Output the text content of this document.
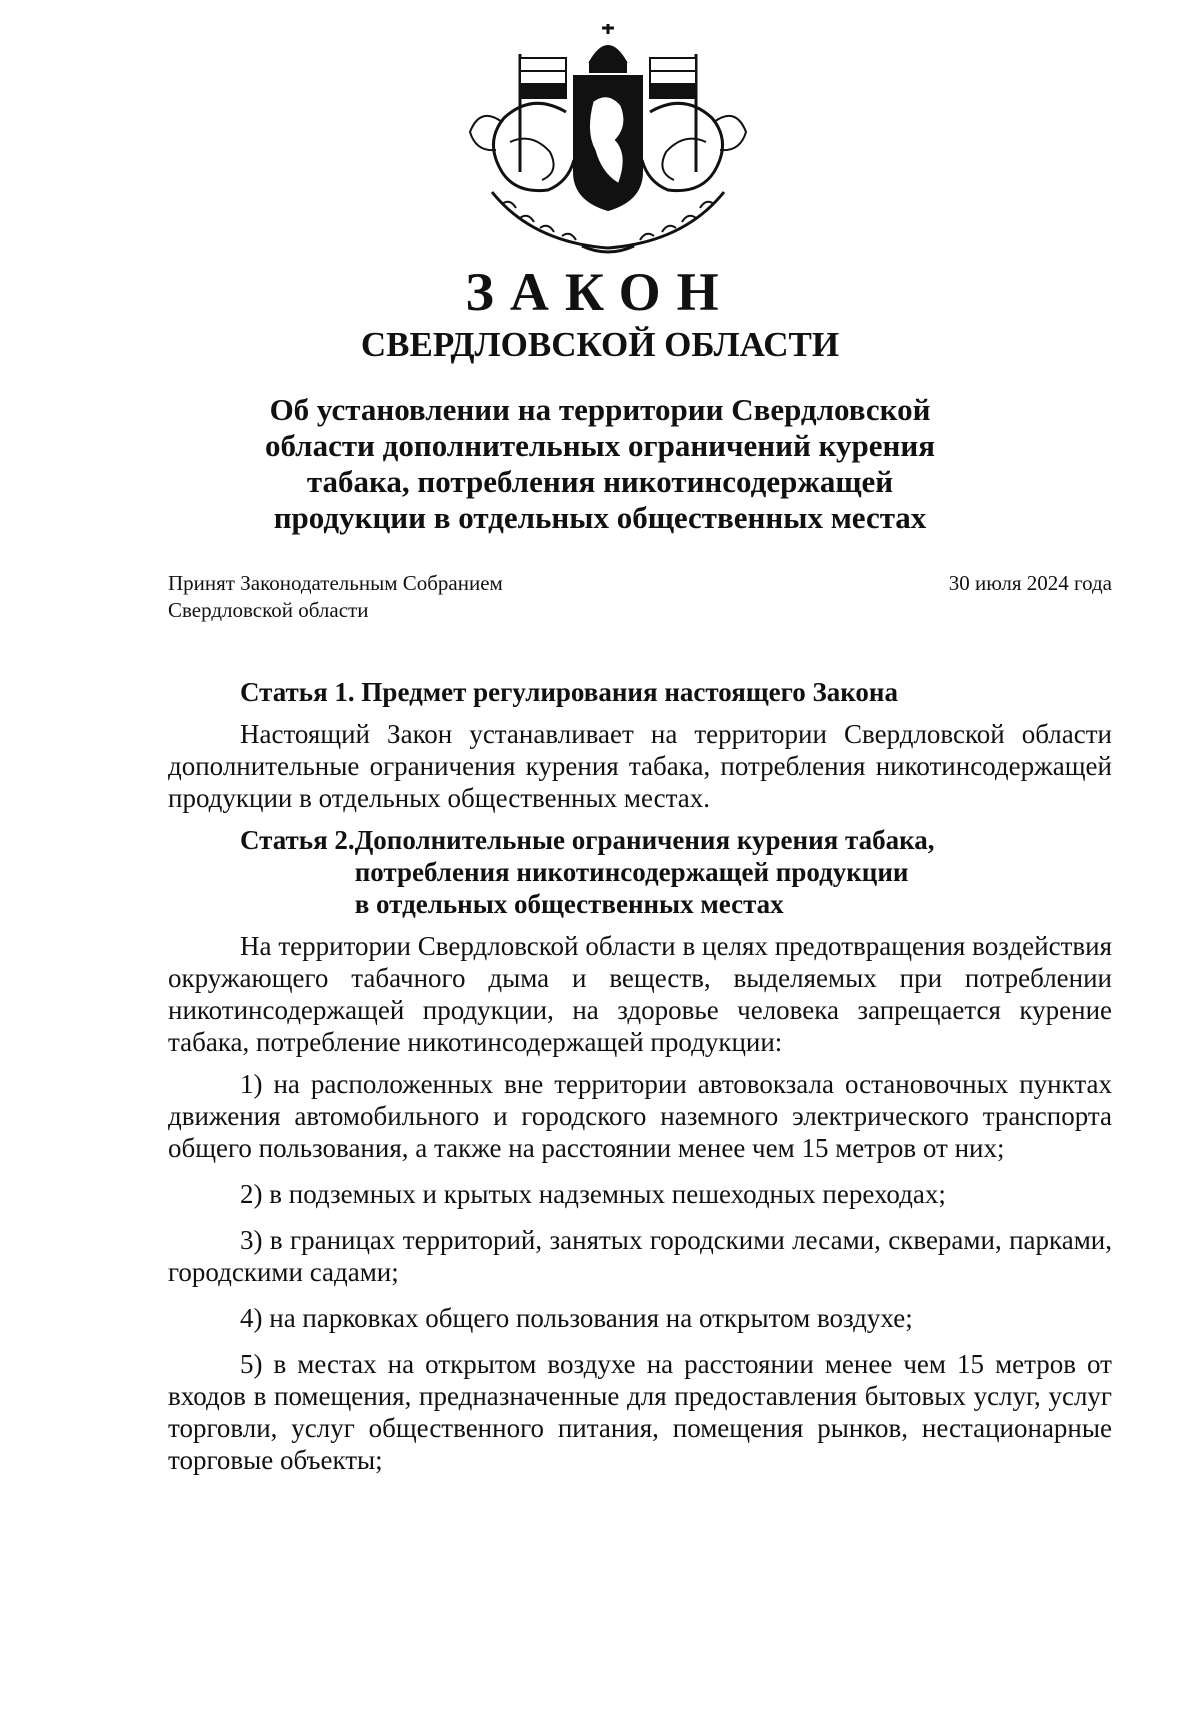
ЗАКОН
СВЕРДЛОВСКОЙ ОБЛАСТИ
Об установлении на территории Свердловской области дополнительных ограничений курения табака, потребления никотинсодержащей продукции в отдельных общественных местах
Принят Законодательным Собранием
Свердловской области
30 июля 2024 года
Статья 1. Предмет регулирования настоящего Закона

Настоящий Закон устанавливает на территории Свердловской области дополнительные ограничения курения табака, потребления никотинсодержащей продукции в отдельных общественных местах.

Статья 2. Дополнительные ограничения курения табака,
потребления никотинсодержащей продукции
в отдельных общественных местах

На территории Свердловской области в целях предотвращения воздействия окружающего табачного дыма и веществ, выделяемых при потреблении никотинсодержащей продукции, на здоровье человека запрещается курение табака, потребление никотинсодержащей продукции:

1) на расположенных вне территории автовокзала остановочных пунктах движения автомобильного и городского наземного электрического транспорта общего пользования, а также на расстоянии менее чем 15 метров от них;

2) в подземных и крытых надземных пешеходных переходах;

3) в границах территорий, занятых городскими лесами, скверами, парками, городскими садами;

4) на парковках общего пользования на открытом воздухе;

5) в местах на открытом воздухе на расстоянии менее чем 15 метров от входов в помещения, предназначенные для предоставления бытовых услуг, услуг торговли, услуг общественного питания, помещения рынков, нестационарные торговые объекты;
